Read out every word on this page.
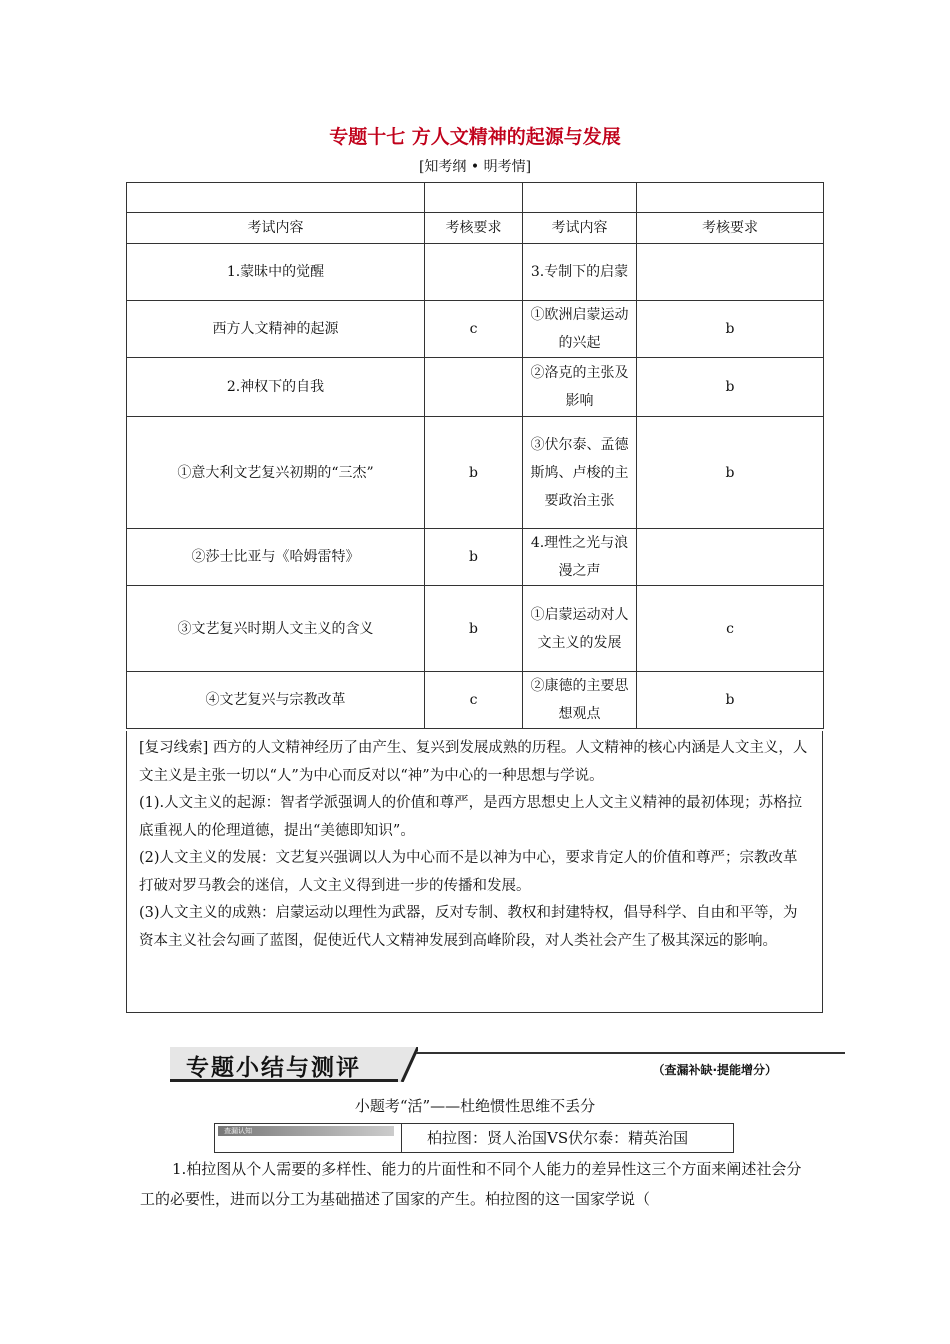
专题十七 方人文精神的起源与发展
[知考纲 • 明考情]

考试内容	考核要求	考试内容	考核要求
1.蒙昧中的觉醒		3.专制下的启蒙	
西方人文精神的起源	c	①欧洲启蒙运动的兴起	b
2.神权下的自我		②洛克的主张及影响	b
①意大利文艺复兴初期的“三杰”	b	③伏尔泰、孟德斯鸠、卢梭的主要政治主张	b
②莎士比亚与《哈姆雷特》	b	4.理性之光与浪漫之声	
③文艺复兴时期人文主义的含义	b	①启蒙运动对人文主义的发展	c
④文艺复兴与宗教改革	c	②康德的主要思想观点	b

[复习线索] 西方的人文精神经历了由产生、复兴到发展成熟的历程。人文精神的核心内涵是人文主义，人文主义是主张一切以“人”为中心而反对以“神”为中心的一种思想与学说。

(1).人文主义的起源：智者学派强调人的价值和尊严，是西方思想史上人文主义精神的最初体现；苏格拉底重视人的伦理道德，提出“美德即知识”。

(2)人文主义的发展：文艺复兴强调以人为中心而不是以神为中心，要求肯定人的价值和尊严；宗教改革打破对罗马教会的迷信，人文主义得到进一步的传播和发展。

(3)人文主义的成熟：启蒙运动以理性为武器，反对专制、教权和封建特权，倡导科学、自由和平等，为资本主义社会勾画了蓝图，促使近代人文精神发展到高峰阶段，对人类社会产生了极其深远的影响。

专题小结与测评	（查漏补缺·提能增分）
小题考“活”——杜绝惯性思维不丢分
查漏认知	柏拉图：贤人治国VS伏尔泰：精英治国
1.柏拉图从个人需要的多样性、能力的片面性和不同个人能力的差异性这三个方面来阐述社会分工的必要性，进而以分工为基础描述了国家的产生。柏拉图的这一国家学说（
